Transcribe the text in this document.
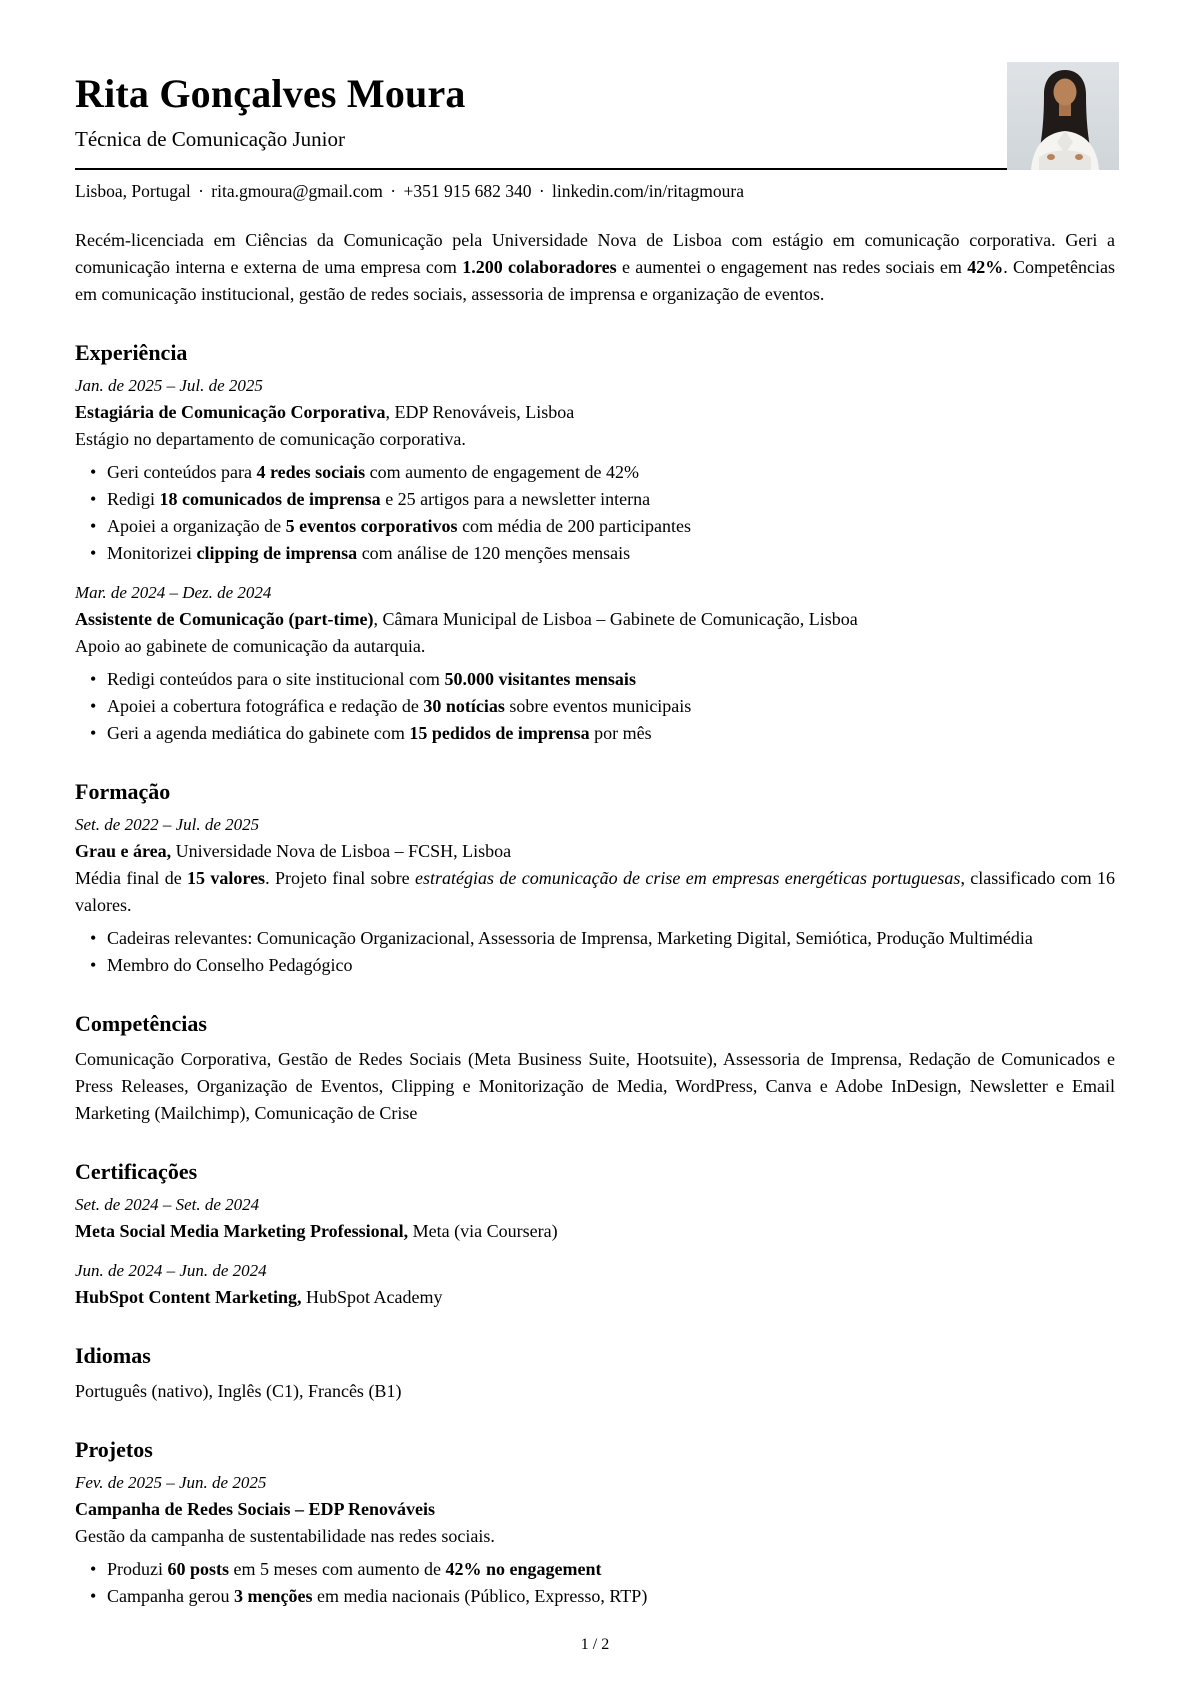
Rita Gonçalves Moura

Técnica de Comunicação Junior

Lisboa, Portugal · rita.gmoura@gmail.com · +351 915 682 340 · linkedin.com/in/ritagmoura

Recém-licenciada em Ciências da Comunicação pela Universidade Nova de Lisboa com estágio em comunicação corporativa. Geri a comunicação interna e externa de uma empresa com 1.200 colaboradores e aumentei o engagement nas redes sociais em 42%. Competências em comunicação institucional, gestão de redes sociais, assessoria de imprensa e organização de eventos.

Experiência

Jan. de 2025 – Jul. de 2025

Estagiária de Comunicação Corporativa, EDP Renováveis, Lisboa

Estágio no departamento de comunicação corporativa.

• Geri conteúdos para 4 redes sociais com aumento de engagement de 42%
• Redigi 18 comunicados de imprensa e 25 artigos para a newsletter interna
• Apoiei a organização de 5 eventos corporativos com média de 200 participantes
• Monitorizei clipping de imprensa com análise de 120 menções mensais

Mar. de 2024 – Dez. de 2024

Assistente de Comunicação (part-time), Câmara Municipal de Lisboa – Gabinete de Comunicação, Lisboa

Apoio ao gabinete de comunicação da autarquia.

• Redigi conteúdos para o site institucional com 50.000 visitantes mensais
• Apoiei a cobertura fotográfica e redação de 30 notícias sobre eventos municipais
• Geri a agenda mediática do gabinete com 15 pedidos de imprensa por mês
Formação

Set. de 2022 – Jul. de 2025

Grau e área, Universidade Nova de Lisboa – FCSH, Lisboa

Média final de 15 valores. Projeto final sobre estratégias de comunicação de crise em empresas energéticas portuguesas, classificado com 16 valores.

• Cadeiras relevantes: Comunicação Organizacional, Assessoria de Imprensa, Marketing Digital, Semiótica, Produção Multimédia
• Membro do Conselho Pedagógico
Competências

Comunicação Corporativa, Gestão de Redes Sociais (Meta Business Suite, Hootsuite), Assessoria de Imprensa, Redação de Comunicados e Press Releases, Organização de Eventos, Clipping e Monitorização de Media, WordPress, Canva e Adobe InDesign, Newsletter e Email Marketing (Mailchimp), Comunicação de Crise

Certificações

Set. de 2024 – Set. de 2024

Meta Social Media Marketing Professional, Meta (via Coursera)

Jun. de 2024 – Jun. de 2024

HubSpot Content Marketing, HubSpot Academy

Idiomas

Português (nativo), Inglês (C1), Francês (B1)

Projetos

Fev. de 2025 – Jun. de 2025

Campanha de Redes Sociais – EDP Renováveis

Gestão da campanha de sustentabilidade nas redes sociais.

• Produzi 60 posts em 5 meses com aumento de 42% no engagement
• Campanha gerou 3 menções em media nacionais (Público, Expresso, RTP)
1 / 2
